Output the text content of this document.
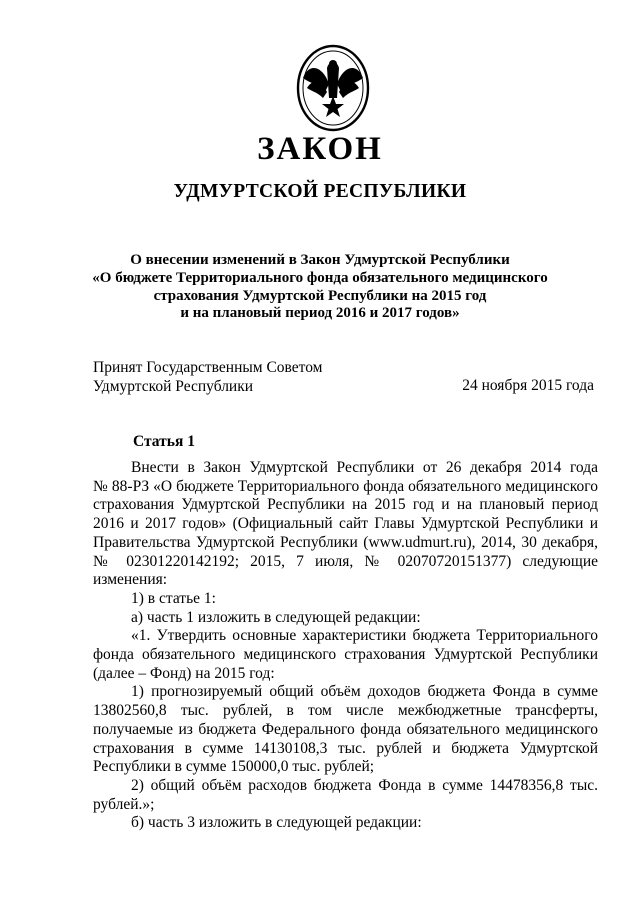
ЗАКОН
УДМУРТСКОЙ РЕСПУБЛИКИ
О внесении изменений в Закон Удмуртской Республики
«О бюджете Территориального фонда обязательного медицинского
страхования Удмуртской Республики на 2015 год
и на плановый период 2016 и 2017 годов»
Принят Государственным Советом
Удмуртской Республики	24 ноября 2015 года
Статья 1
Внести в Закон Удмуртской Республики от 26 декабря 2014 года
№ 88-РЗ «О бюджете Территориального фонда обязательного медицинского
страхования Удмуртской Республики на 2015 год и на плановый период
2016 и 2017 годов» (Официальный сайт Главы Удмуртской Республики и
Правительства Удмуртской Республики (www.udmurt.ru), 2014, 30 декабря,
№ 02301220142192; 2015, 7 июля, № 02070720151377) следующие
изменения:
1) в статье 1:
а) часть 1 изложить в следующей редакции:
«1. Утвердить основные характеристики бюджета Территориального
фонда обязательного медицинского страхования Удмуртской Республики
(далее – Фонд) на 2015 год:
1) прогнозируемый общий объём доходов бюджета Фонда в сумме
13802560,8 тыс. рублей, в том числе межбюджетные трансферты,
получаемые из бюджета Федерального фонда обязательного медицинского
страхования в сумме 14130108,3 тыс. рублей и бюджета Удмуртской
Республики в сумме 150000,0 тыс. рублей;
2) общий объём расходов бюджета Фонда в сумме 14478356,8 тыс.
рублей.»;
б) часть 3 изложить в следующей редакции:
